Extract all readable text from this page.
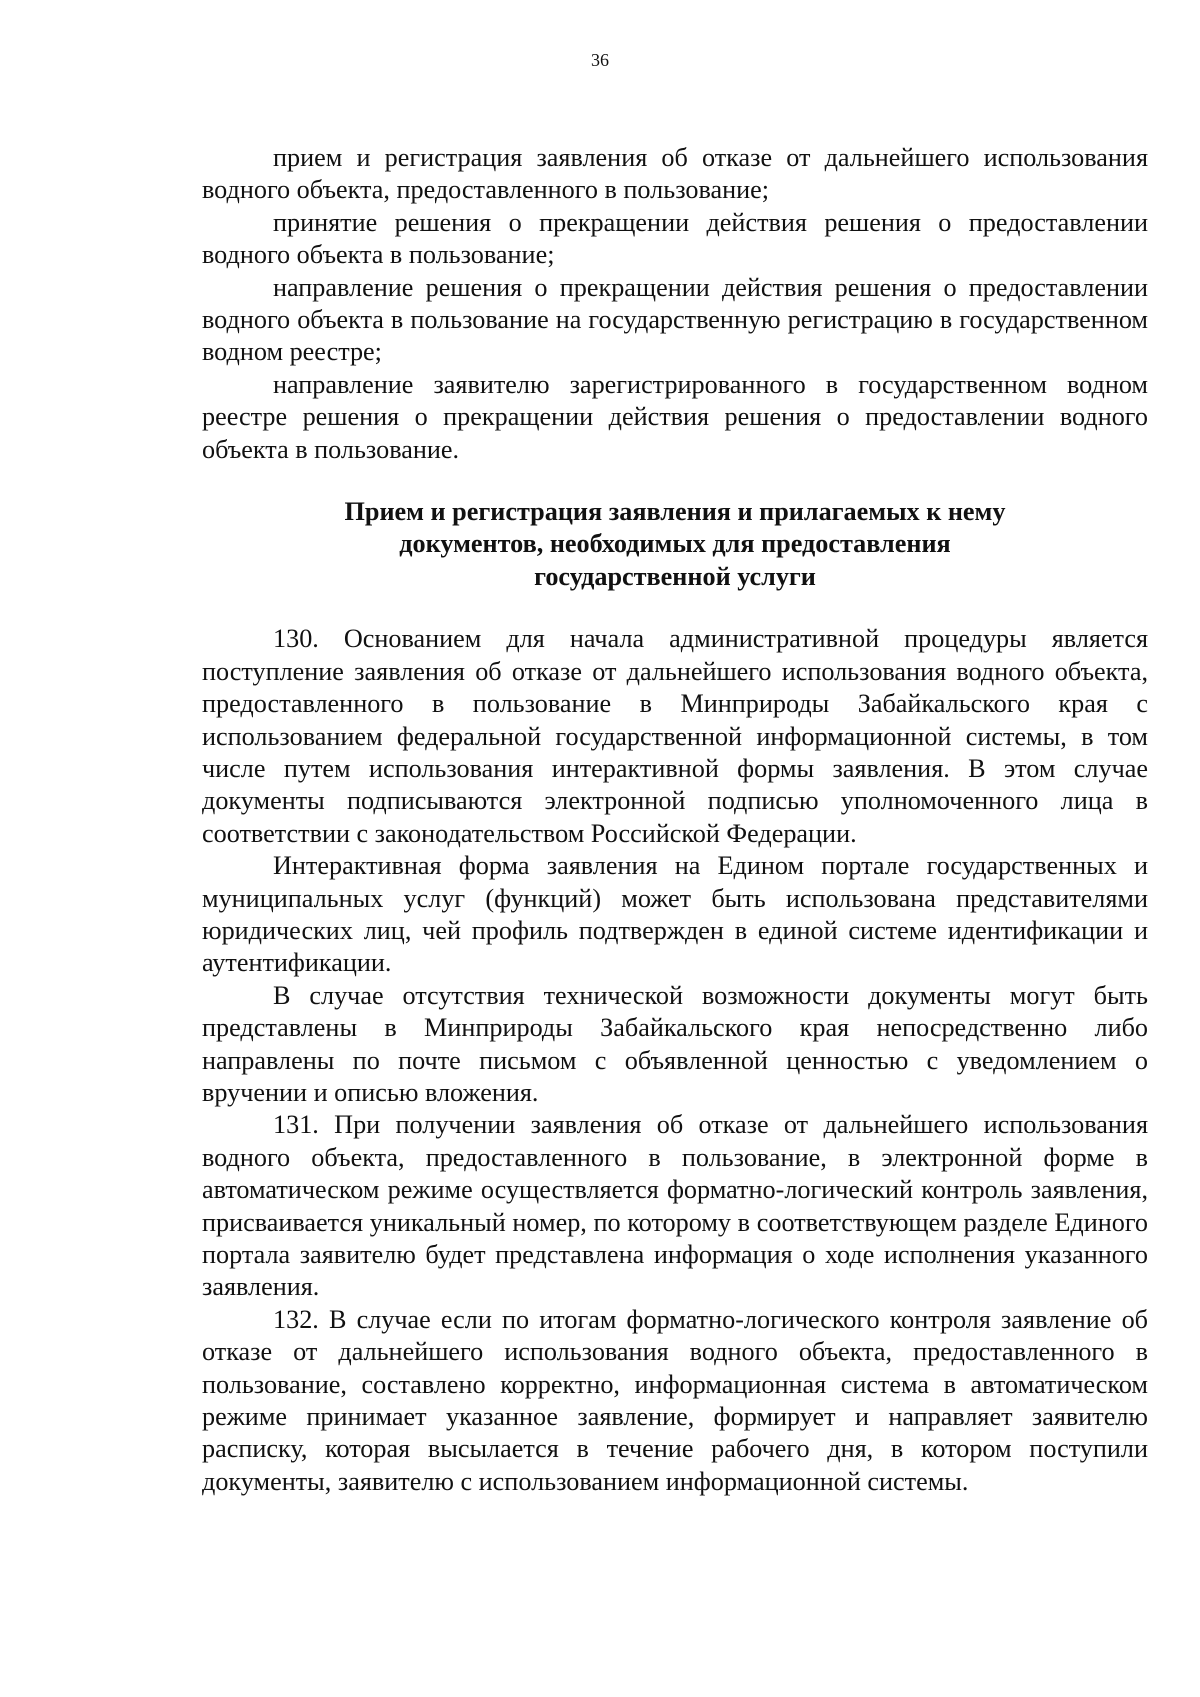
36

прием и регистрация заявления об отказе от дальнейшего использования водного объекта, предоставленного в пользование;

принятие решения о прекращении действия решения о предоставлении водного объекта в пользование;

направление решения о прекращении действия решения о предоставлении водного объекта в пользование на государственную регистрацию в государственном водном реестре;

направление заявителю зарегистрированного в государственном водном реестре решения о прекращении действия решения о предоставлении водного объекта в пользование.

Прием и регистрация заявления и прилагаемых к нему
документов, необходимых для предоставления
государственной услуги

130. Основанием для начала административной процедуры является поступление заявления об отказе от дальнейшего использования водного объекта, предоставленного в пользование в Минприроды Забайкальского края с использованием федеральной государственной информационной системы, в том числе путем использования интерактивной формы заявления. В этом случае документы подписываются электронной подписью уполномоченного лица в соответствии с законодательством Российской Федерации.

Интерактивная форма заявления на Едином портале государственных и муниципальных услуг (функций) может быть использована представителями юридических лиц, чей профиль подтвержден в единой системе идентификации и аутентификации.

В случае отсутствия технической возможности документы могут быть представлены в Минприроды Забайкальского края непосредственно либо направлены по почте письмом с объявленной ценностью с уведомлением о вручении и описью вложения.

131. При получении заявления об отказе от дальнейшего использования водного объекта, предоставленного в пользование, в электронной форме в автоматическом режиме осуществляется форматно-логический контроль заявления, присваивается уникальный номер, по которому в соответствующем разделе Единого портала заявителю будет представлена информация о ходе исполнения указанного заявления.

132. В случае если по итогам форматно-логического контроля заявление об отказе от дальнейшего использования водного объекта, предоставленного в пользование, составлено корректно, информационная система в автоматическом режиме принимает указанное заявление, формирует и направляет заявителю расписку, которая высылается в течение рабочего дня, в котором поступили документы, заявителю с использованием информационной системы.
